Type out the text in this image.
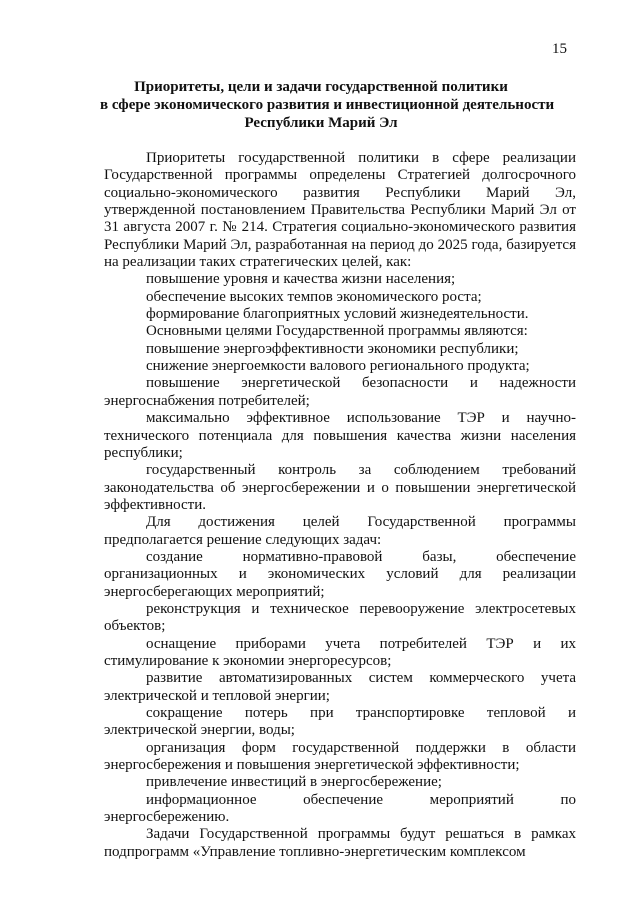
15
Приоритеты, цели и задачи государственной политики
в сфере экономического развития и инвестиционной деятельности
Республики Марий Эл

Приоритеты государственной политики в сфере реализации Государственной программы определены Стратегией долгосрочного социально-экономического развития Республики Марий Эл, утвержденной постановлением Правительства Республики Марий Эл от 31 августа 2007 г. № 214. Стратегия социально-экономического развития Республики Марий Эл, разработанная на период до 2025 года, базируется на реализации таких стратегических целей, как:

повышение уровня и качества жизни населения;

обеспечение высоких темпов экономического роста;

формирование благоприятных условий жизнедеятельности.

Основными целями Государственной программы являются:

повышение энергоэффективности экономики республики;

снижение энергоемкости валового регионального продукта;

повышение энергетической безопасности и надежности энергоснабжения потребителей;

максимально эффективное использование ТЭР и научно-технического потенциала для повышения качества жизни населения республики;

государственный контроль за соблюдением требований законодательства об энергосбережении и о повышении энергетической эффективности.

Для достижения целей Государственной программы предполагается решение следующих задач:

создание нормативно-правовой базы, обеспечение организационных и экономических условий для реализации энергосберегающих мероприятий;

реконструкция и техническое перевооружение электросетевых объектов;

оснащение приборами учета потребителей ТЭР и их стимулирование к экономии энергоресурсов;

развитие автоматизированных систем коммерческого учета электрической и тепловой энергии;

сокращение потерь при транспортировке тепловой и электрической энергии, воды;

организация форм государственной поддержки в области энергосбережения и повышения энергетической эффективности;

привлечение инвестиций в энергосбережение;

информационное обеспечение мероприятий по энергосбережению.

Задачи Государственной программы будут решаться в рамках подпрограмм «Управление топливно-энергетическим комплексом
